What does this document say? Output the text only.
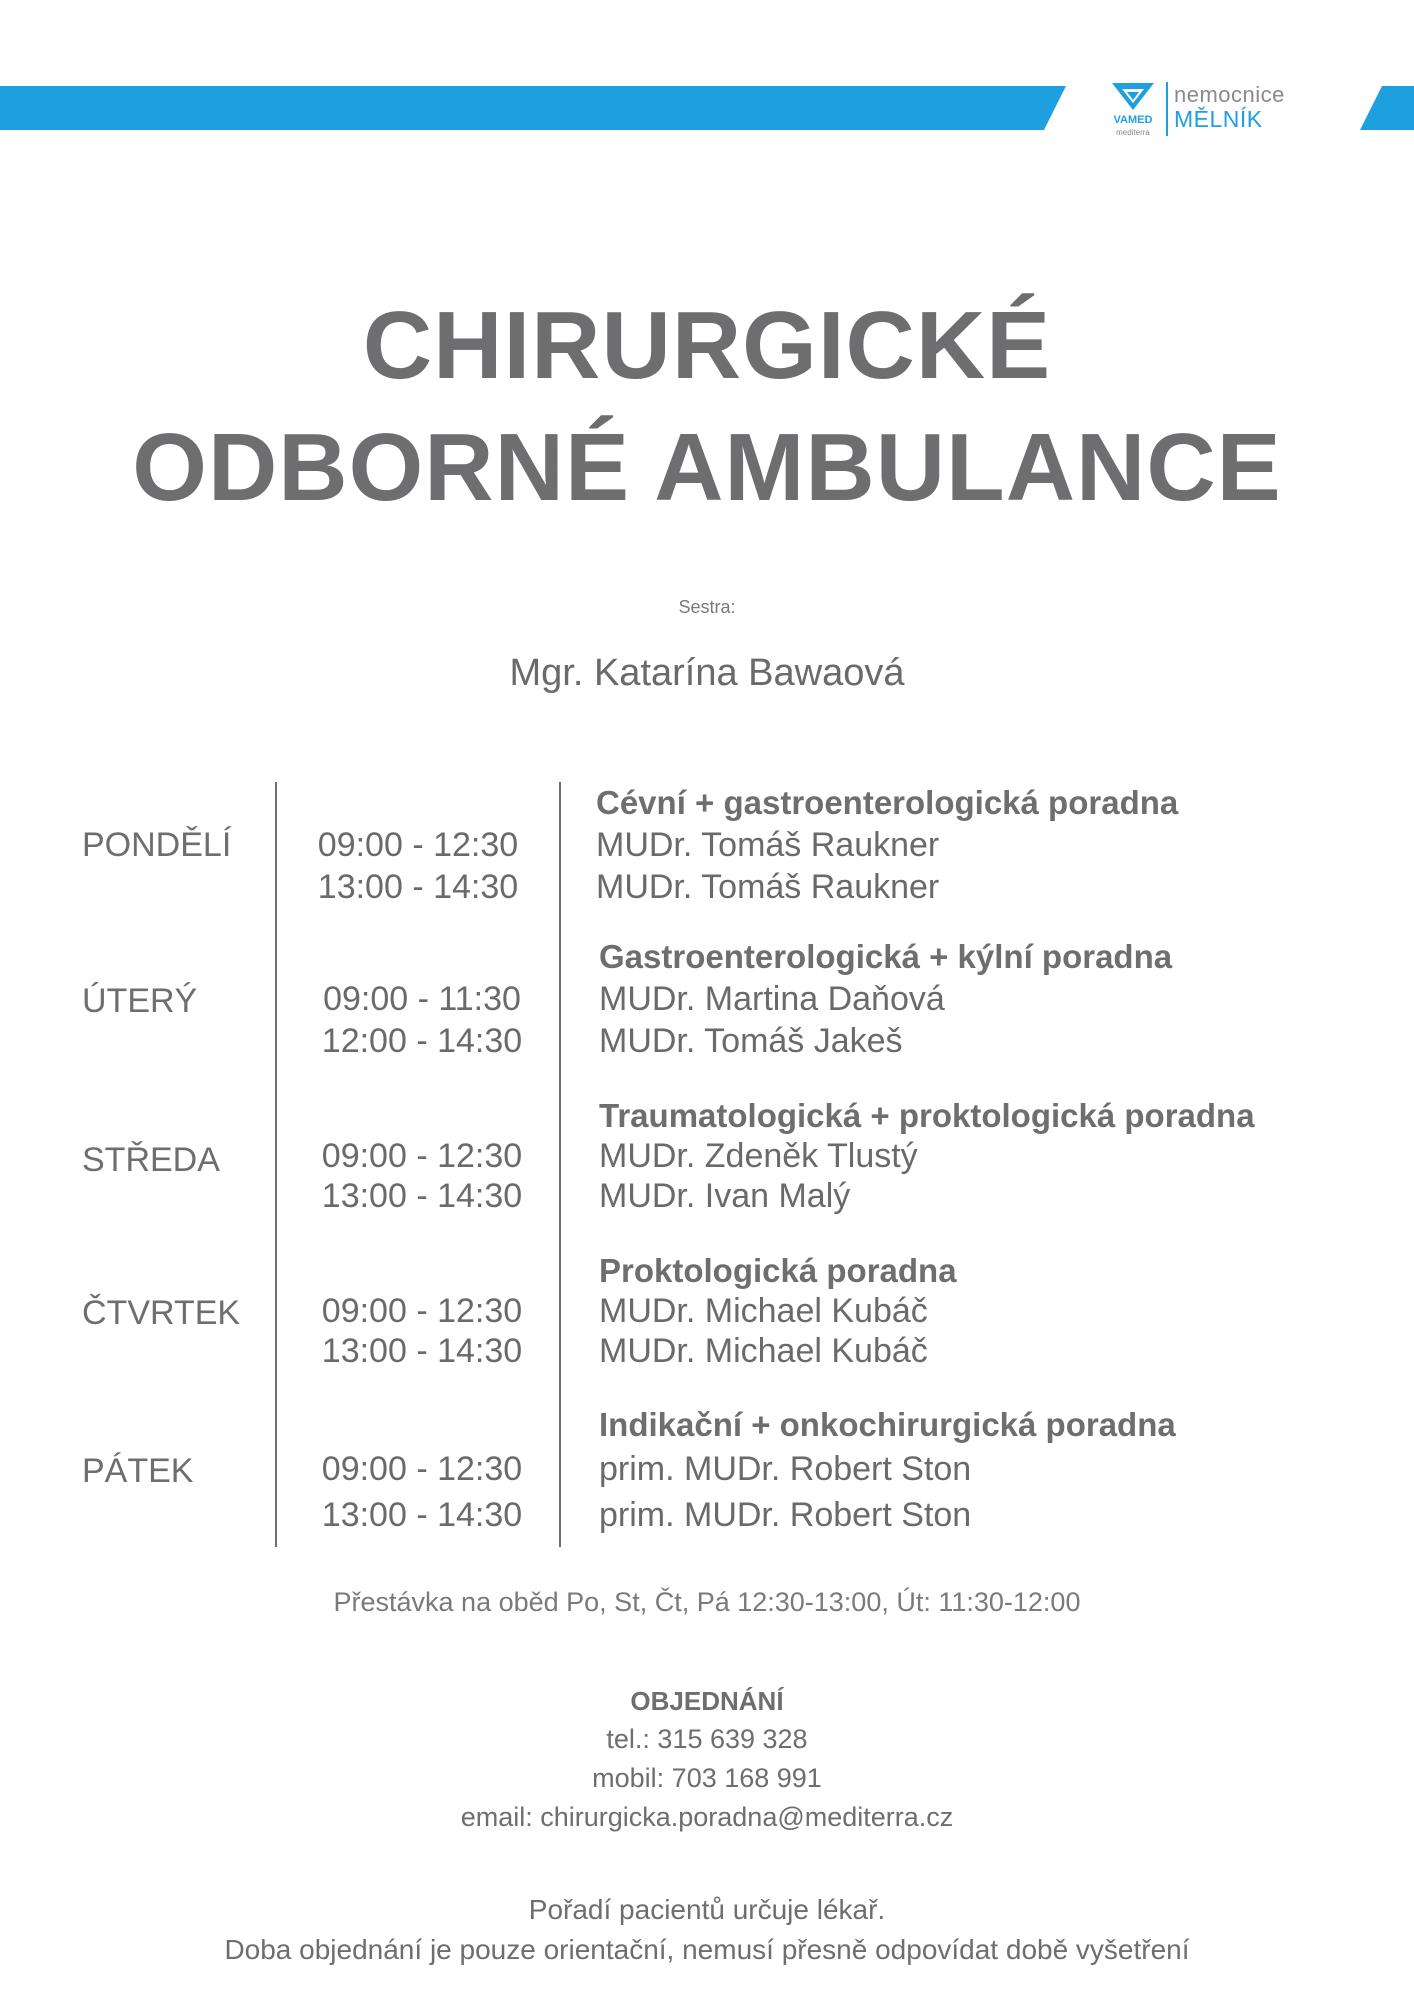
VAMED
mediterra
nemocnice
MĚLNÍK
CHIRURGICKÉ
ODBORNÉ AMBULANCE
Sestra:
Mgr. Katarína Bawaová
PONDĚLÍ
Cévní + gastroenterologická poradna
09:00 - 12:30 MUDr. Tomáš Raukner
13:00 - 14:30 MUDr. Tomáš Raukner
ÚTERÝ
Gastroenterologická + kýlní poradna
09:00 - 11:30 MUDr. Martina Daňová
12:00 - 14:30 MUDr. Tomáš Jakeš
STŘEDA
Traumatologická + proktologická poradna
09:00 - 12:30 MUDr. Zdeněk Tlustý
13:00 - 14:30 MUDr. Ivan Malý
ČTVRTEK
Proktologická poradna
09:00 - 12:30 MUDr. Michael Kubáč
13:00 - 14:30 MUDr. Michael Kubáč
PÁTEK
Indikační + onkochirurgická poradna
09:00 - 12:30 prim. MUDr. Robert Ston
13:00 - 14:30 prim. MUDr. Robert Ston
Přestávka na oběd Po, St, Čt, Pá 12:30-13:00, Út: 11:30-12:00
OBJEDNÁNÍ
tel.: 315 639 328
mobil: 703 168 991
email: chirurgicka.poradna@mediterra.cz
Pořadí pacientů určuje lékař.
Doba objednání je pouze orientační, nemusí přesně odpovídat době vyšetření
